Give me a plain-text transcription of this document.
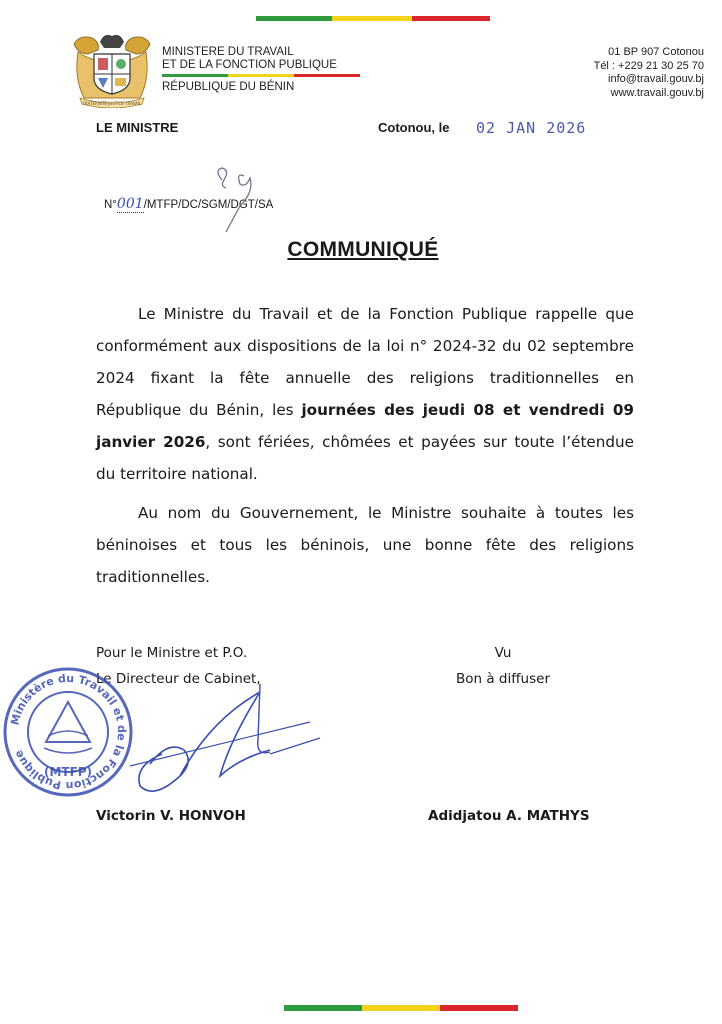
FRATERNITÉ·JUSTICE·TRAVAIL
MINISTERE DU TRAVAIL
ET DE LA FONCTION PUBLIQUE
RÉPUBLIQUE DU BÉNIN
01 BP 907 Cotonou
Tél : +229 21 30 25 70
info@travail.gouv.bj
www.travail.gouv.bj
LE MINISTRE	Cotonou, le 02 JAN 2026
N°001/MTFP/DC/SGM/DGT/SA
COMMUNIQUÉ
Le Ministre du Travail et de la Fonction Publique rappelle que conformément aux dispositions de la loi n° 2024-32 du 02 septembre 2024 fixant la fête annuelle des religions traditionnelles en République du Bénin, les journées des jeudi 08 et vendredi 09 janvier 2026, sont fériées, chômées et payées sur toute l’étendue du territoire national.
Au nom du Gouvernement, le Ministre souhaite à toutes les béninoises et tous les béninois, une bonne fête des religions traditionnelles.
Pour le Ministre et P.O.
Le Directeur de Cabinet,
Vu
Bon à diffuser
Ministère du Travail et de la Fonction Publique
(MTFP)
Victorin V. HONVOH	Adidjatou A. MATHYS
